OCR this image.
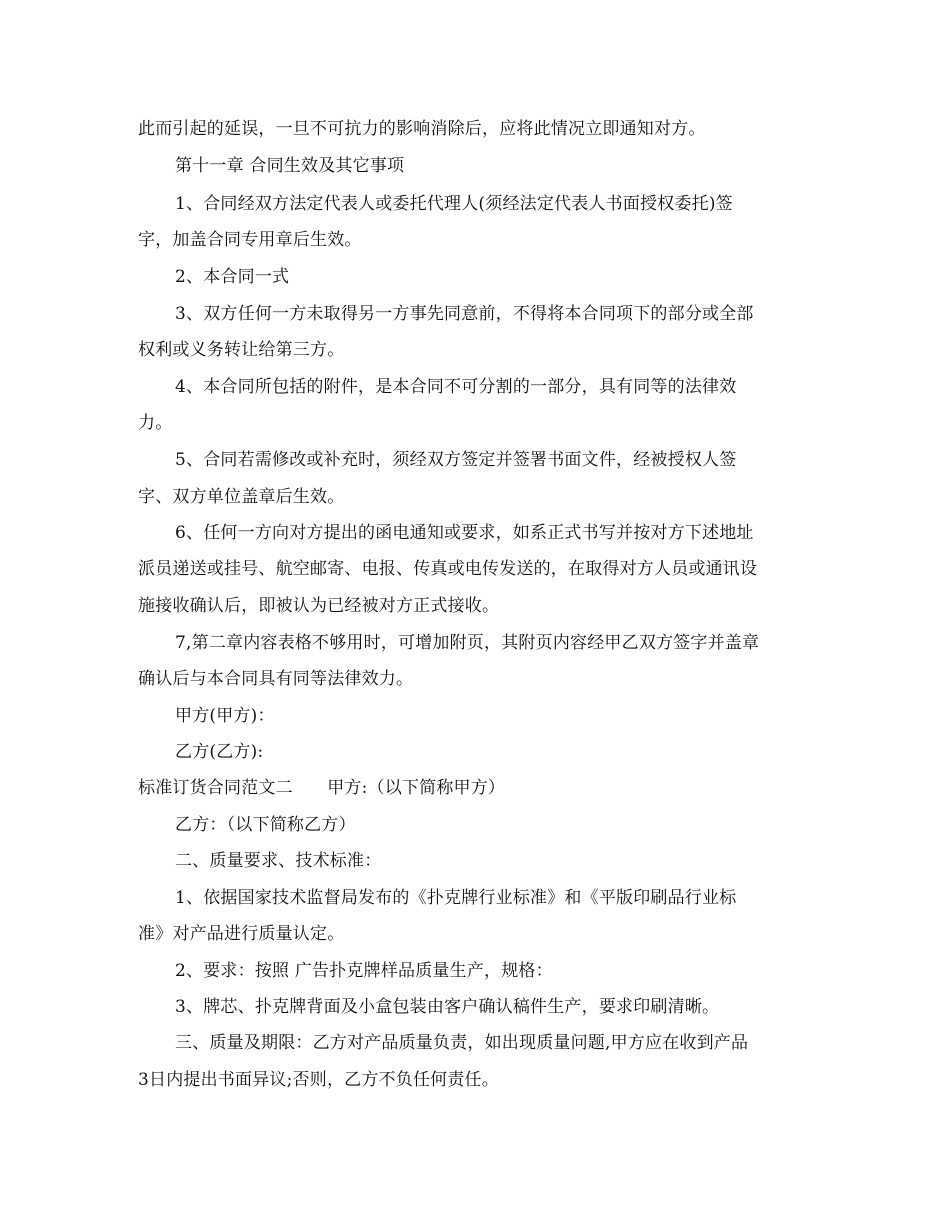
此而引起的延误，一旦不可抗力的影响消除后，应将此情况立即通知对方。
第十一章 合同生效及其它事项
1、合同经双方法定代表人或委托代理人(须经法定代表人书面授权委托)签
字，加盖合同专用章后生效。
2、本合同一式
3、双方任何一方未取得另一方事先同意前，不得将本合同项下的部分或全部
权利或义务转让给第三方。
4、本合同所包括的附件，是本合同不可分割的一部分，具有同等的法律效
力。
5、合同若需修改或补充时，须经双方签定并签署书面文件，经被授权人签
字、双方单位盖章后生效。
6、任何一方向对方提出的函电通知或要求，如系正式书写并按对方下述地址
派员递送或挂号、航空邮寄、电报、传真或电传发送的，在取得对方人员或通讯设
施接收确认后，即被认为已经被对方正式接收。
7,第二章内容表格不够用时，可增加附页，其附页内容经甲乙双方签字并盖章
确认后与本合同具有同等法律效力。
甲方(甲方)：
乙方(乙方):
标准订货合同范文二　　甲方:（以下简称甲方）
乙方：（以下简称乙方）
二、质量要求、技术标准：
1、依据国家技术监督局发布的《扑克牌行业标准》和《平版印刷品行业标
准》对产品进行质量认定。
2、要求：按照 广告扑克牌样品质量生产，规格：
3、牌芯、扑克牌背面及小盒包装由客户确认稿件生产，要求印刷清晰。
三、质量及期限：乙方对产品质量负责，如出现质量问题,甲方应在收到产品
3日内提出书面异议;否则，乙方不负任何责任。
